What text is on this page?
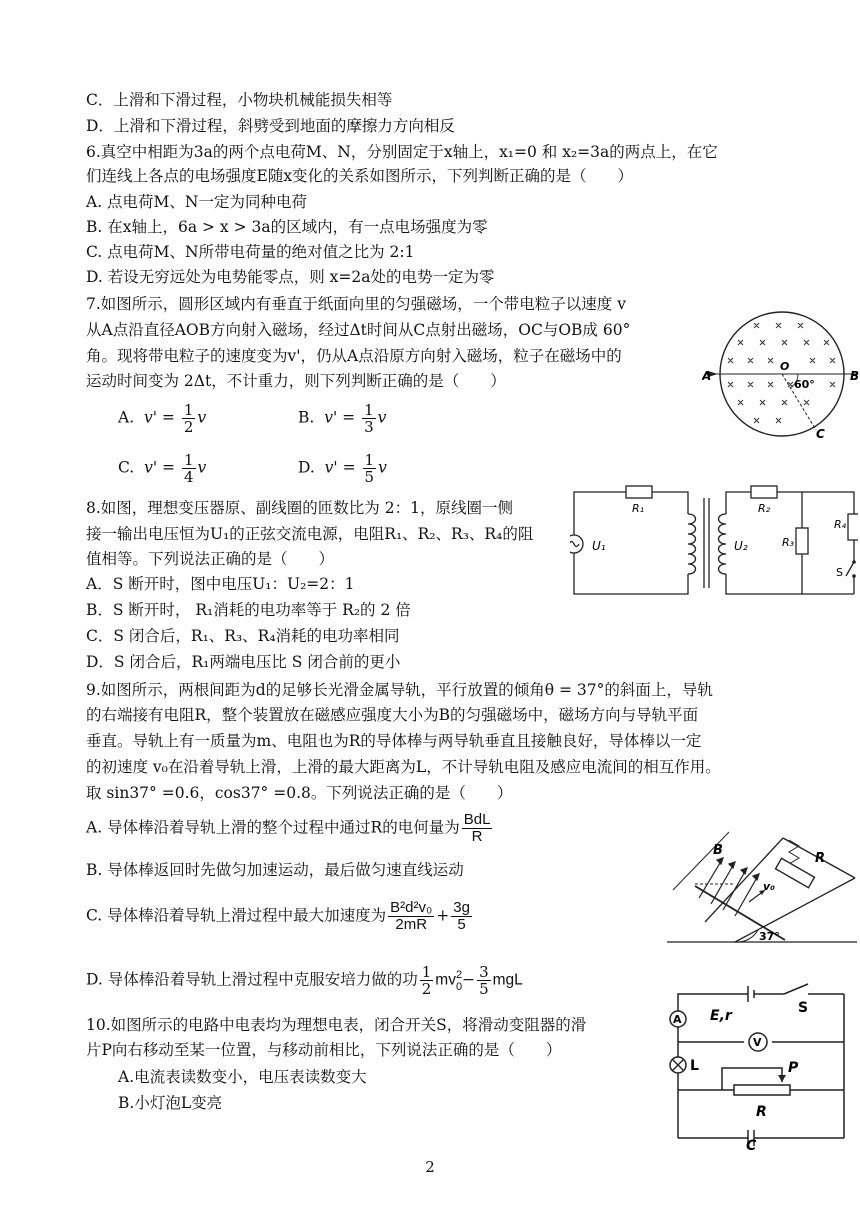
C．上滑和下滑过程，小物块机械能损失相等
D．上滑和下滑过程，斜劈受到地面的摩擦力方向相反
6.真空中相距为3a的两个点电荷M、N，分别固定于x轴上，x₁=0 和 x₂=3a的两点上，在它
们连线上各点的电场强度E随x变化的关系如图所示，下列判断正确的是（　　）
A. 点电荷M、N一定为同种电荷
B. 在x轴上，6a > x > 3a的区域内，有一点电场强度为零
C. 点电荷M、N所带电荷量的绝对值之比为 2:1
D. 若设无穷远处为电势能零点，则 x=2a处的电势一定为零
7.如图所示，圆形区域内有垂直于纸面向里的匀强磁场，一个带电粒子以速度 v
从A点沿直径AOB方向射入磁场，经过Δt时间从C点射出磁场，OC与OB成 60°
角。现将带电粒子的速度变为v'，仍从A点沿原方向射入磁场，粒子在磁场中的
运动时间变为 2Δt，不计重力，则下列判断正确的是（　　）
A. $v' = \frac{1}{2}$ v	B. $v' = \frac{1}{3}$ v
C. $v' = \frac{1}{4}$ v	D. $v' = \frac{1}{5}$ v
A	B
O
60°
C
8.如图，理想变压器原、副线圈的匝数比为 2：1，原线圈一侧
接一输出电压恒为U₁的正弦交流电源，电阻R₁、R₂、R₃、R₄的阻
值相等。下列说法正确的是（　　）
A．S 断开时，图中电压U₁：U₂=2：1
B．S 断开时， R₁消耗的电功率等于 R₂的 2 倍
C．S 闭合后，R₁、R₃、R₄消耗的电功率相同
D．S 闭合后，R₁两端电压比 S 闭合前的更小
R₁	R₂
R₃
R₄
U₁	U₂
S
9.如图所示，两根间距为d的足够长光滑金属导轨，平行放置的倾角θ = 37°的斜面上，导轨
的右端接有电阻R，整个装置放在磁感应强度大小为B的匀强磁场中，磁场方向与导轨平面
垂直。导轨上有一质量为m、电阻也为R的导体棒与两导轨垂直且接触良好，导体棒以一定
的初速度 v₀在沿着导轨上滑，上滑的最大距离为L，不计导轨电阻及感应电流间的相互作用。
取 sin37° =0.6，cos37° =0.8。下列说法正确的是（　　）
A. 导体棒沿着导轨上滑的整个过程中通过R的电何量为 BdL
R
B. 导体棒返回时先做匀加速运动，最后做匀速直线运动
C. 导体棒沿着导轨上滑过程中最大加速度为 $\frac{\text{B²d²v₀}}{2mR} + \frac{3g}{5}$
D. 导体棒沿着导轨上滑过程中克服安培力做的功 $\frac{1}{2}$ mv 2
$0 - \frac{3}{5}$ mgL
B
R
v₀
37°
10.如图所示的电路中电表均为理想电表，闭合开关S，将滑动变阻器的滑
片P向右移动至某一位置，与移动前相比，下列说法正确的是（　　）
A.电流表读数变小，电压表读数变大
B.小灯泡L变亮
A
V
L
E,r	S
P
R
C
2
